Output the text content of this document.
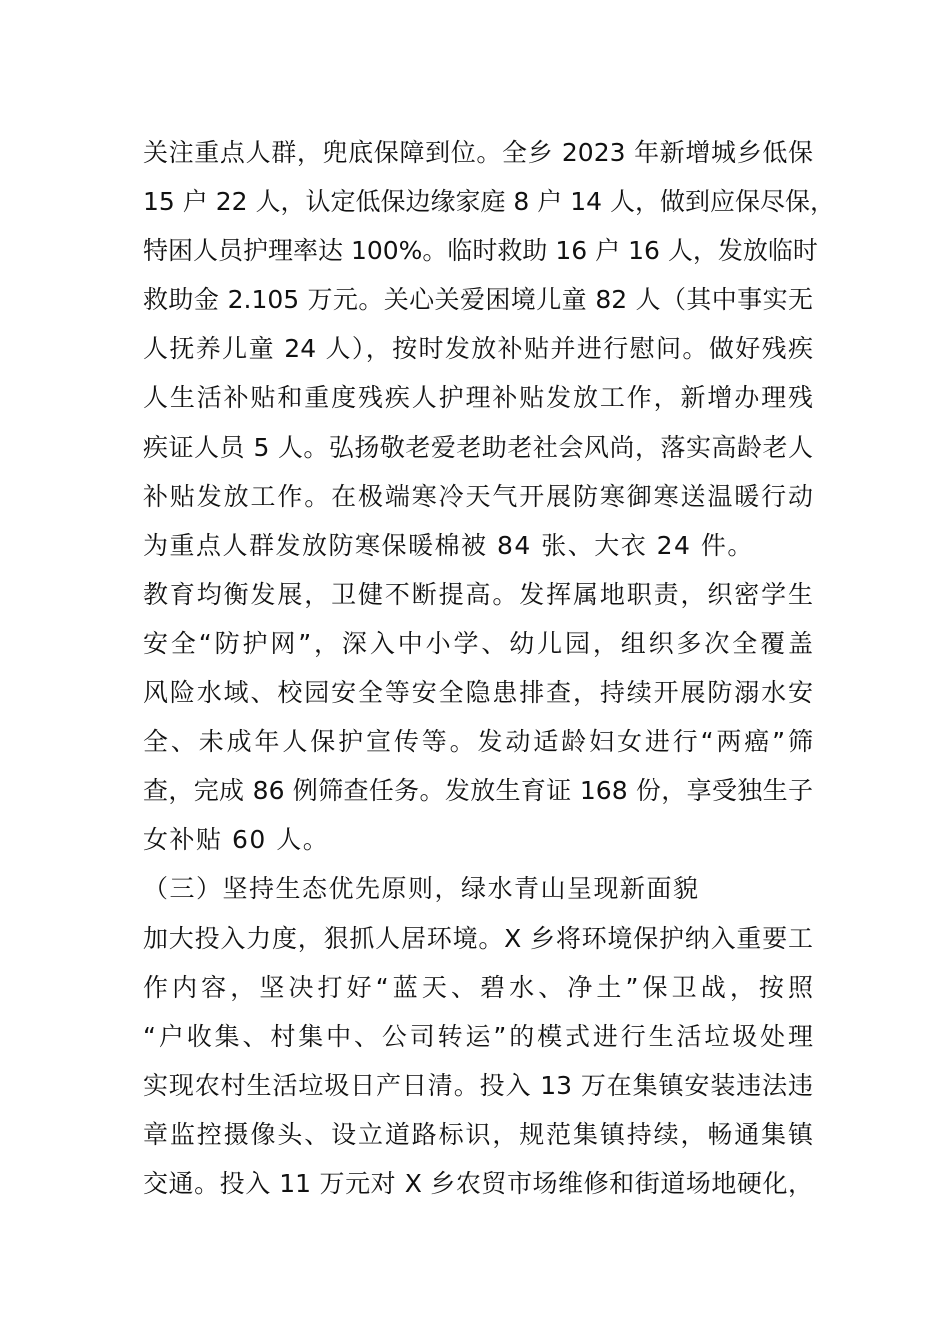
关注重点人群，兜底保障到位。全乡 2023 年新增城乡低保
15 户 22 人，认定低保边缘家庭 8 户 14 人，做到应保尽保，
特困人员护理率达 100%。临时救助 16 户 16 人，发放临时
救助金 2.105 万元。关心关爱困境儿童 82 人（其中事实无
人抚养儿童 24 人），按时发放补贴并进行慰问。做好残疾
人生活补贴和重度残疾人护理补贴发放工作，新增办理残
疾证人员 5 人。弘扬敬老爱老助老社会风尚，落实高龄老人
补贴发放工作。在极端寒冷天气开展防寒御寒送温暖行动
为重点人群发放防寒保暖棉被 84 张、大衣 24 件。
教育均衡发展，卫健不断提高。发挥属地职责，织密学生
安全“防护网”，深入中小学、幼儿园，组织多次全覆盖
风险水域、校园安全等安全隐患排查，持续开展防溺水安
全、未成年人保护宣传等。发动适龄妇女进行“两癌”筛
查，完成 86 例筛查任务。发放生育证 168 份，享受独生子
女补贴 60 人。
（三）坚持生态优先原则，绿水青山呈现新面貌
加大投入力度，狠抓人居环境。X 乡将环境保护纳入重要工
作内容，坚决打好“蓝天、碧水、净土”保卫战，按照
“户收集、村集中、公司转运”的模式进行生活垃圾处理
实现农村生活垃圾日产日清。投入 13 万在集镇安装违法违
章监控摄像头、设立道路标识，规范集镇持续，畅通集镇
交通。投入 11 万元对 X 乡农贸市场维修和街道场地硬化，
